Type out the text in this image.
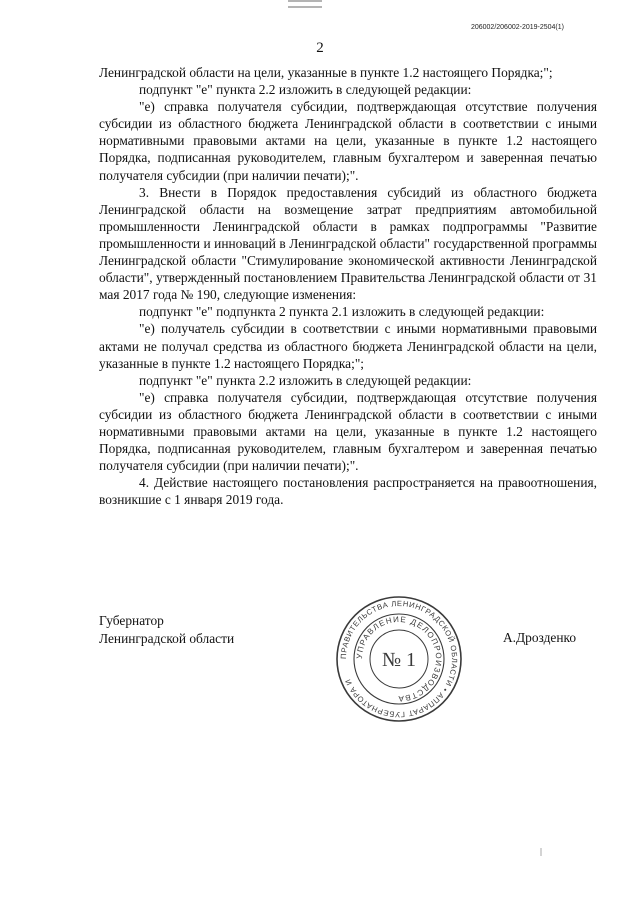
206002/206002-2019-2504(1)
2

Ленинградской области на цели, указанные в пункте 1.2 настоящего Порядка;";

подпункт "е" пункта 2.2 изложить в следующей редакции:

"е) справка получателя субсидии, подтверждающая отсутствие получения субсидии из областного бюджета Ленинградской области в соответствии с иными нормативными правовыми актами на цели, указанные в пункте 1.2 настоящего Порядка, подписанная руководителем, главным бухгалтером и заверенная печатью получателя субсидии (при наличии печати);".

3. Внести в Порядок предоставления субсидий из областного бюджета Ленинградской области на возмещение затрат предприятиям автомобильной промышленности Ленинградской области в рамках подпрограммы "Развитие промышленности и инноваций в Ленинградской области" государственной программы Ленинградской области "Стимулирование экономической активности Ленинградской области", утвержденный постановлением Правительства Ленинградской области от 31 мая 2017 года № 190, следующие изменения:

подпункт "е" подпункта 2 пункта 2.1 изложить в следующей редакции:

"е) получатель субсидии в соответствии с иными нормативными правовыми актами не получал средства из областного бюджета Ленинградской области на цели, указанные в пункте 1.2 настоящего Порядка;";

подпункт "е" пункта 2.2 изложить в следующей редакции:

"е) справка получателя субсидии, подтверждающая отсутствие получения субсидии из областного бюджета Ленинградской области в соответствии с иными нормативными правовыми актами на цели, указанные в пункте 1.2 настоящего Порядка, подписанная руководителем, главным бухгалтером и заверенная печатью получателя субсидии (при наличии печати);".

4. Действие настоящего постановления распространяется на правоотношения, возникшие с 1 января 2019 года.

Губернатор
Ленинградской области	А.Дрозденко
ПРАВИТЕЛЬСТВА ЛЕНИНГРАДСКОЙ ОБЛАСТИ • АППАРАТ ГУБЕРНАТОРА И
УПРАВЛЕНИЕ ДЕЛОПРОИЗВОДСТВА
№ 1
